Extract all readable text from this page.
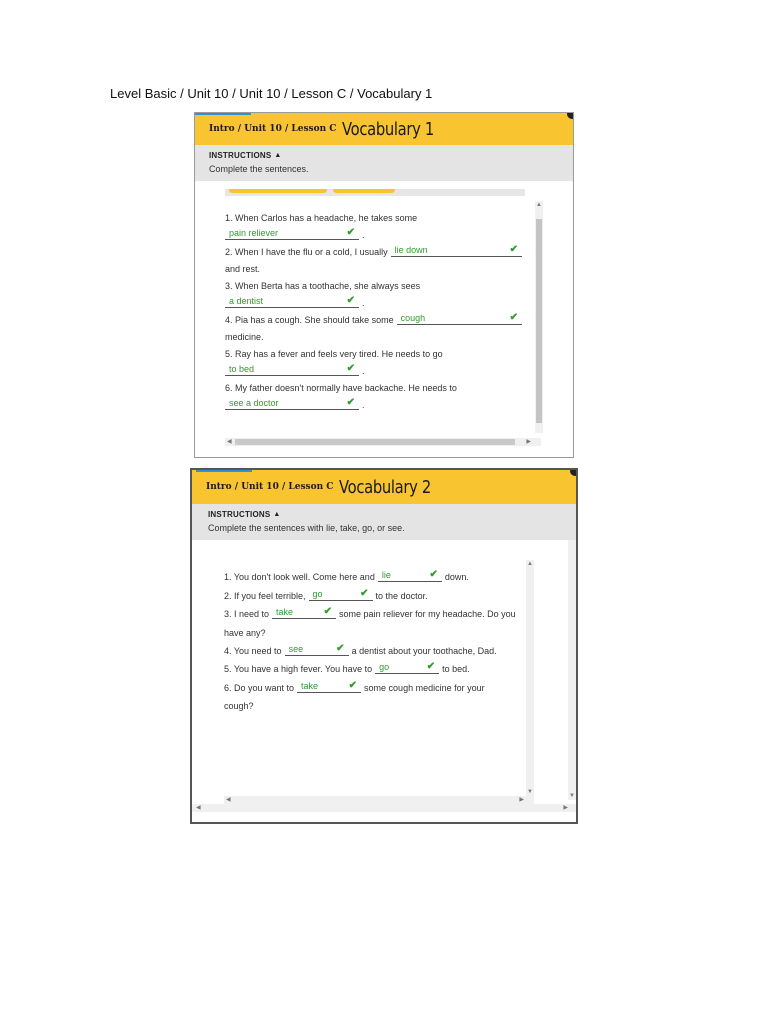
Level Basic / Unit 10 / Unit 10 / Lesson C / Vocabulary 1
Intro / Unit 10 / Lesson C Vocabulary 1
INSTRUCTIONS ▲
Complete the sentences.
1. When Carlos has a headache, he takes some
pain reliever	✔ .
2. When I have the flu or a cold, I usually lie down	✔
and rest.
3. When Berta has a toothache, she always sees
a dentist	✔ .
4. Pia has a cough. She should take some cough	✔
medicine.
5. Ray has a fever and feels very tired. He needs to go
to bed	✔ .
6. My father doesn't normally have backache. He needs to
see a doctor	✔ .
▲
◀	▶
Intro / Unit 10 / Lesson C Vocabulary 2
INSTRUCTIONS ▲
Complete the sentences with lie, take, go, or see.
1. You don't look well. Come here and lie	✔ down.
2. If you feel terrible, go	✔ to the doctor.
3. I need to take	✔ some pain reliever for my headache. Do you
have any?
4. You need to see	✔ a dentist about your toothache, Dad.
5. You have a high fever. You have to go	✔ to bed.
6. Do you want to take	✔ some cough medicine for your
cough?
▲
▼
▼
◀	▶
◀	▶
